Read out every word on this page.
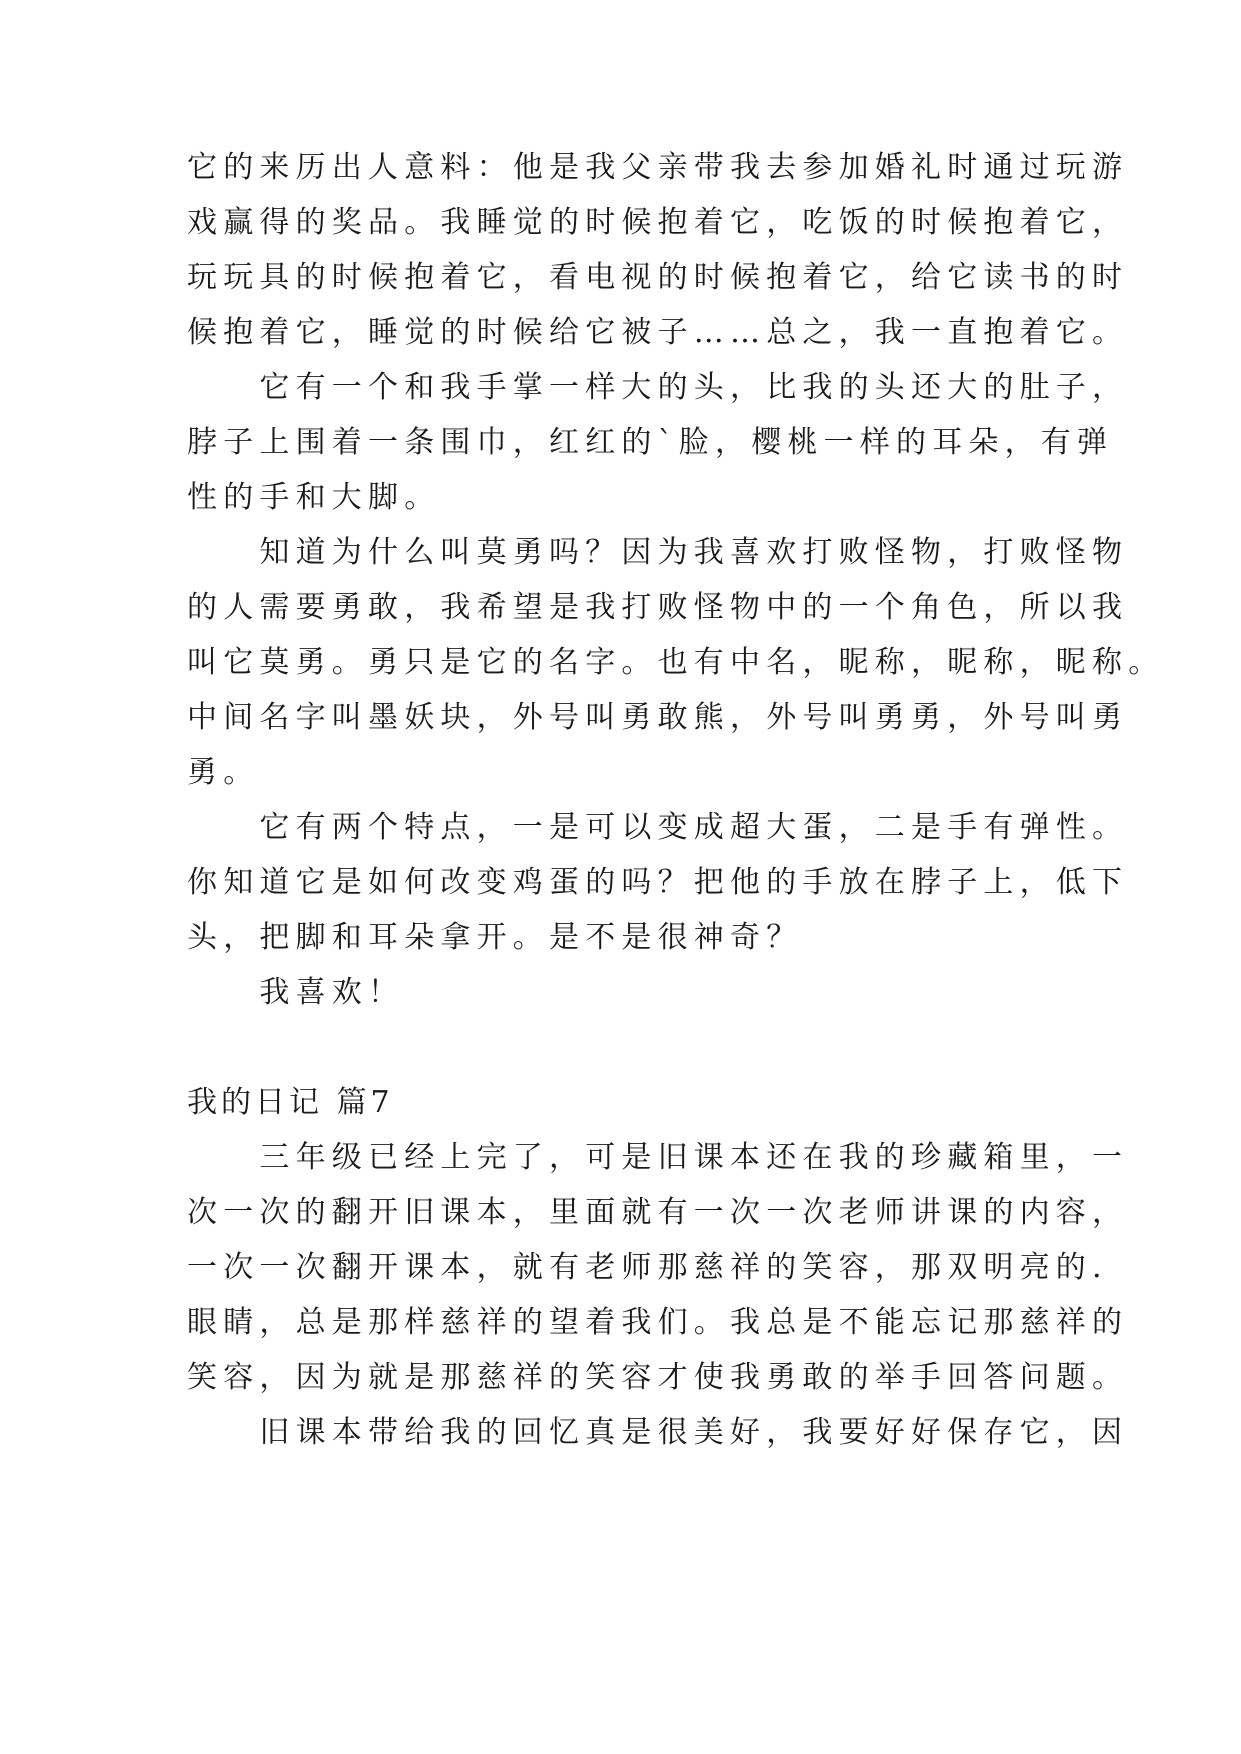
它的来历出人意料：他是我父亲带我去参加婚礼时通过玩游
戏赢得的奖品。我睡觉的时候抱着它，吃饭的时候抱着它，
玩玩具的时候抱着它，看电视的时候抱着它，给它读书的时
候抱着它，睡觉的时候给它被子……总之，我一直抱着它。
　　它有一个和我手掌一样大的头，比我的头还大的肚子，
脖子上围着一条围巾，红红的`脸，樱桃一样的耳朵，有弹
性的手和大脚。
　　知道为什么叫莫勇吗？因为我喜欢打败怪物，打败怪物
的人需要勇敢，我希望是我打败怪物中的一个角色，所以我
叫它莫勇。勇只是它的名字。也有中名，昵称，昵称，昵称。
中间名字叫墨妖块，外号叫勇敢熊，外号叫勇勇，外号叫勇
勇。
　　它有两个特点，一是可以变成超大蛋，二是手有弹性。
你知道它是如何改变鸡蛋的吗？把他的手放在脖子上，低下
头，把脚和耳朵拿开。是不是很神奇？
　　我喜欢！
我的日记 篇7
　　三年级已经上完了，可是旧课本还在我的珍藏箱里，一
次一次的翻开旧课本，里面就有一次一次老师讲课的内容，
一次一次翻开课本，就有老师那慈祥的笑容，那双明亮的.
眼睛，总是那样慈祥的望着我们。我总是不能忘记那慈祥的
笑容，因为就是那慈祥的笑容才使我勇敢的举手回答问题。
　　旧课本带给我的回忆真是很美好，我要好好保存它，因
